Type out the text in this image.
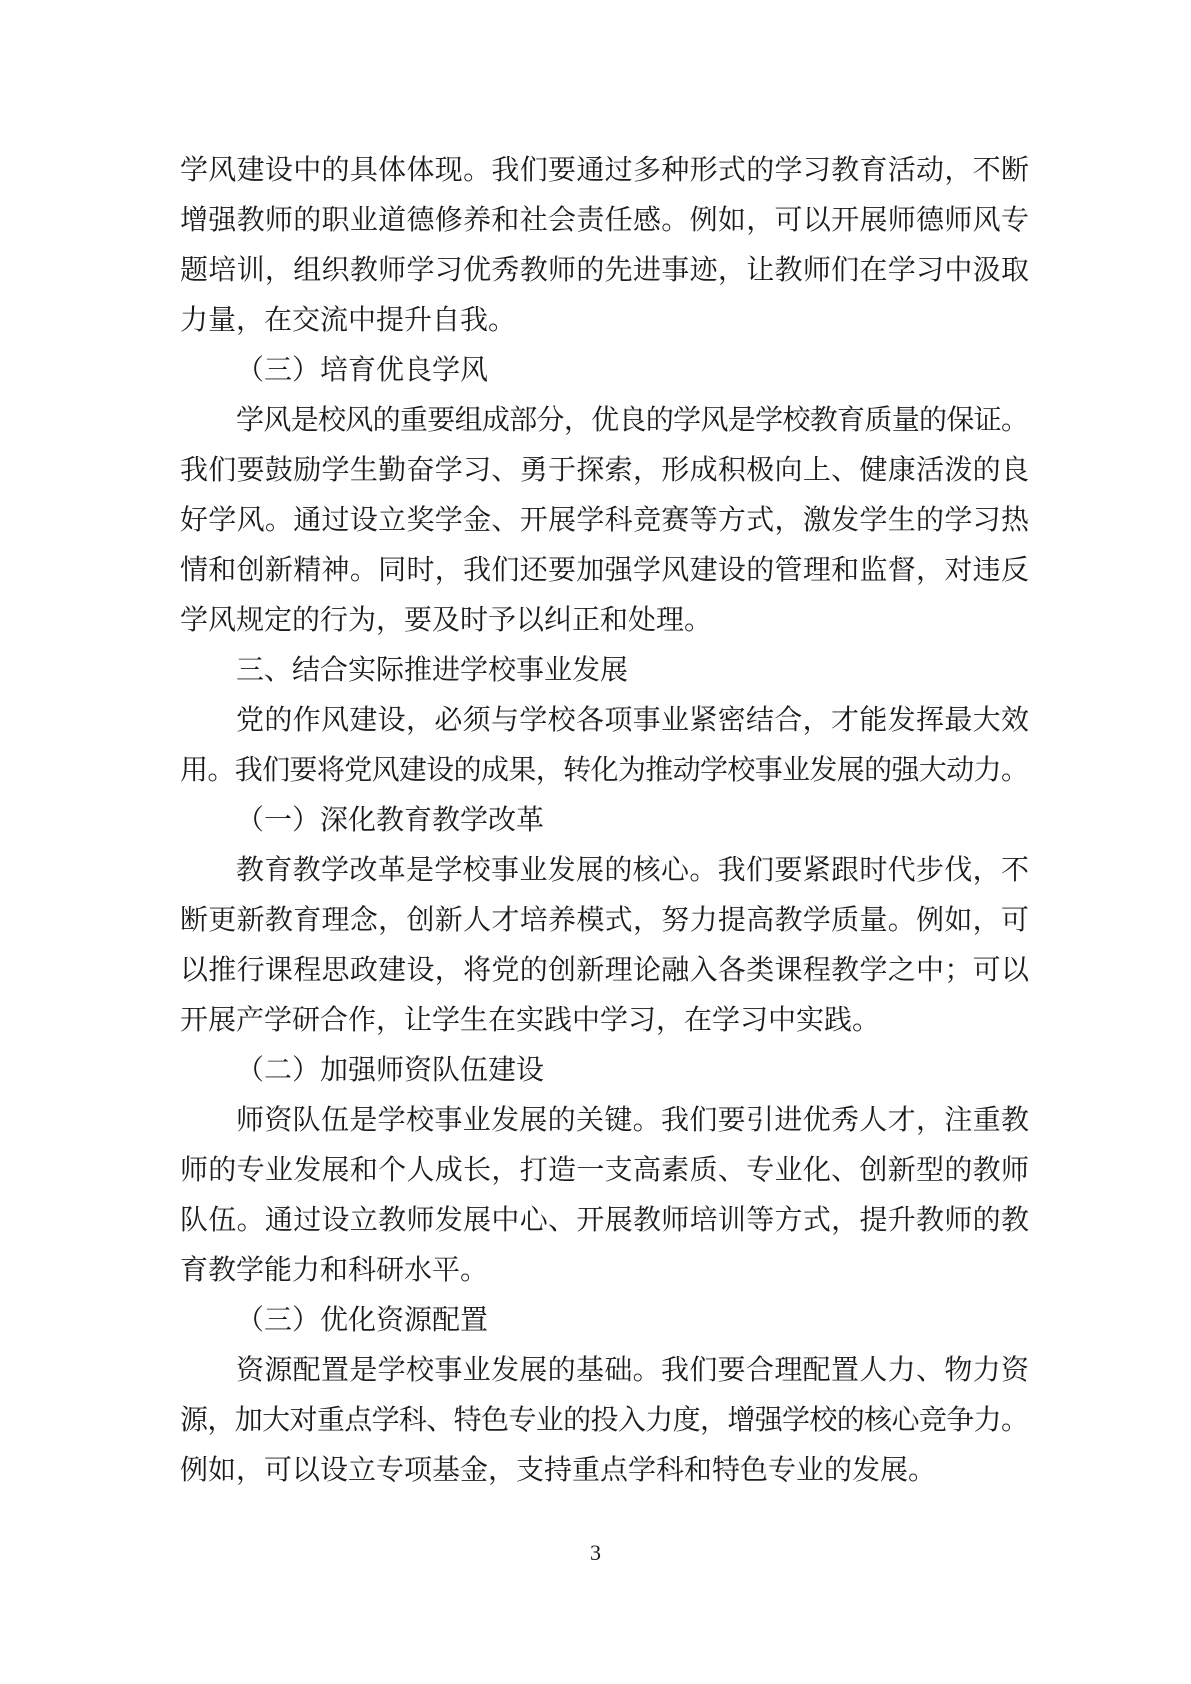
学风建设中的具体体现。我们要通过多种形式的学习教育活动，不断
增强教师的职业道德修养和社会责任感。例如，可以开展师德师风专
题培训，组织教师学习优秀教师的先进事迹，让教师们在学习中汲取
力量，在交流中提升自我。
（三）培育优良学风
学风是校风的重要组成部分，优良的学风是学校教育质量的保证。
我们要鼓励学生勤奋学习、勇于探索，形成积极向上、健康活泼的良
好学风。通过设立奖学金、开展学科竞赛等方式，激发学生的学习热
情和创新精神。同时，我们还要加强学风建设的管理和监督，对违反
学风规定的行为，要及时予以纠正和处理。
三、结合实际推进学校事业发展
党的作风建设，必须与学校各项事业紧密结合，才能发挥最大效
用。我们要将党风建设的成果，转化为推动学校事业发展的强大动力。
（一）深化教育教学改革
教育教学改革是学校事业发展的核心。我们要紧跟时代步伐，不
断更新教育理念，创新人才培养模式，努力提高教学质量。例如，可
以推行课程思政建设，将党的创新理论融入各类课程教学之中；可以
开展产学研合作，让学生在实践中学习，在学习中实践。
（二）加强师资队伍建设
师资队伍是学校事业发展的关键。我们要引进优秀人才，注重教
师的专业发展和个人成长，打造一支高素质、专业化、创新型的教师
队伍。通过设立教师发展中心、开展教师培训等方式，提升教师的教
育教学能力和科研水平。
（三）优化资源配置
资源配置是学校事业发展的基础。我们要合理配置人力、物力资
源，加大对重点学科、特色专业的投入力度，增强学校的核心竞争力。
例如，可以设立专项基金，支持重点学科和特色专业的发展。
3
